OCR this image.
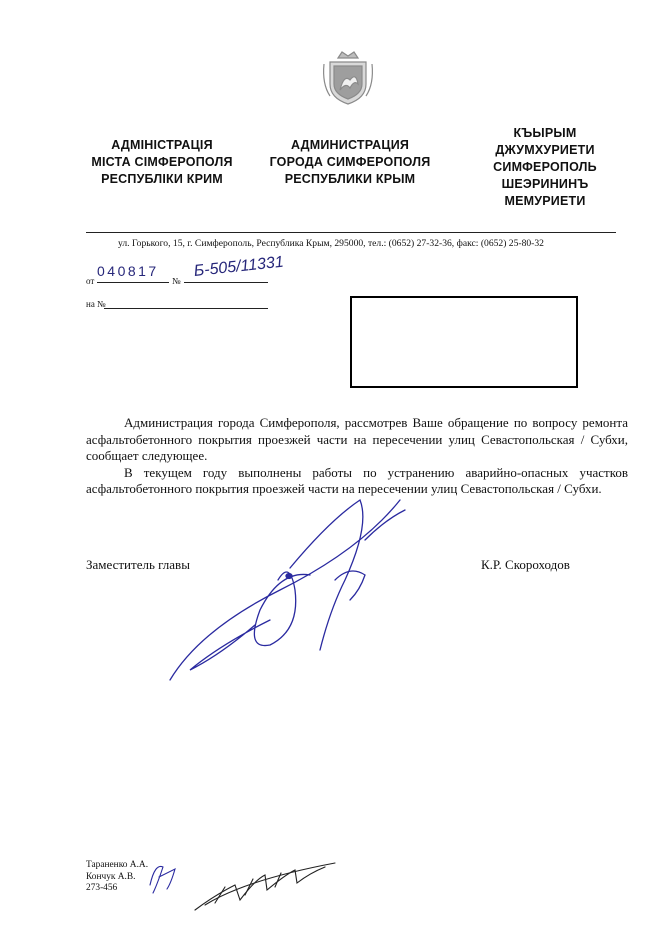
АДМІНІСТРАЦІЯ
МІСТА СІМФЕРОПОЛЯ
РЕСПУБЛІКИ КРИМ
АДМИНИСТРАЦИЯ
ГОРОДА СИМФЕРОПОЛЯ
РЕСПУБЛИКИ КРЫМ
КЪЫРЫМ
ДЖУМХУРИЕТИ
СИМФЕРОПОЛЬ
ШЕЭРИНИНЪ
МЕМУРИЕТИ
ул. Горького, 15, г. Симферополь, Республика Крым, 295000, тел.: (0652) 27-32-36, факс: (0652) 25-80-32
от
040817
№
Б-505/11331
на №

Администрация города Симферополя, рассмотрев Ваше обращение по вопросу ремонта асфальтобетонного покрытия проезжей части на пересечении улиц Севастопольская / Субхи, сообщает следующее.

В текущем году выполнены работы по устранению аварийно-опасных участков асфальтобетонного покрытия проезжей части на пересечении улиц Севастопольская / Субхи.

Заместитель главы	К.Р. Скороходов
Тараненко А.А.
Кончук А.В.
273-456
